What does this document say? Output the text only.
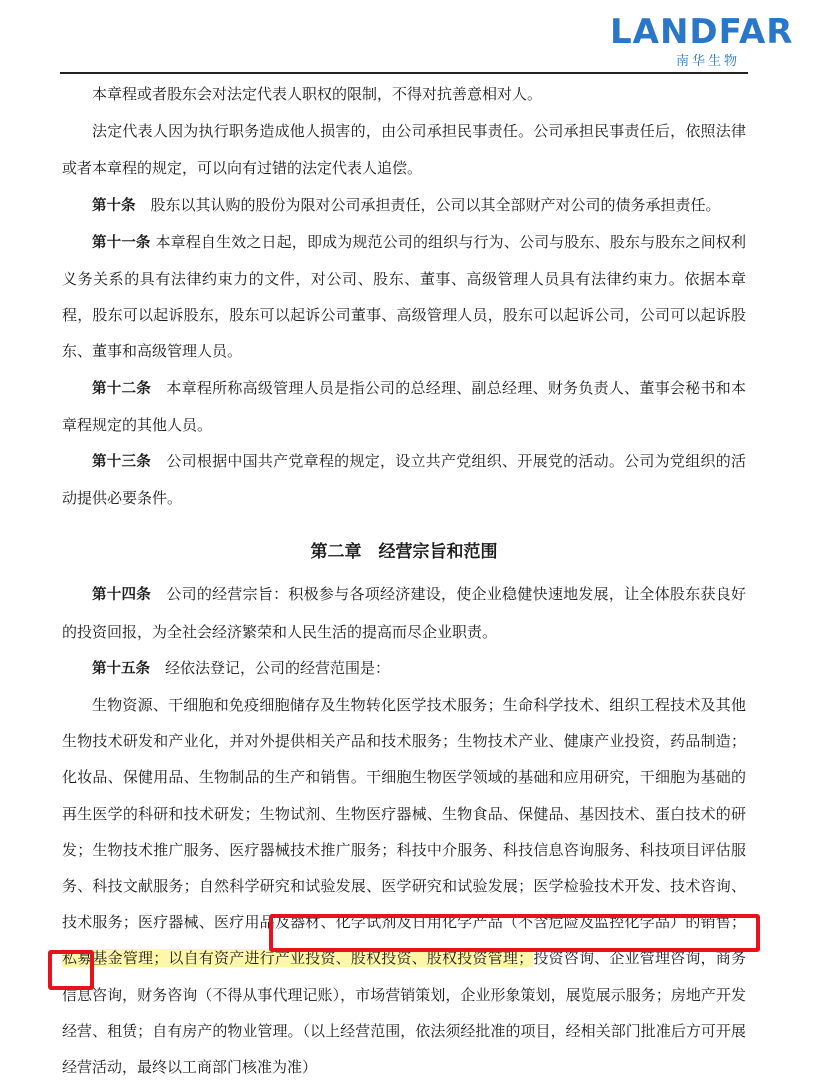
LANDFAR
南华生物

本章程或者股东会对法定代表人职权的限制，不得对抗善意相对人。

法定代表人因为执行职务造成他人损害的，由公司承担民事责任。公司承担民事责任后，依照法律或者本章程的规定，可以向有过错的法定代表人追偿。

第十条　 股东以其认购的股份为限对公司承担责任，公司以其全部财产对公司的债务承担责任。

第十一条 本章程自生效之日起，即成为规范公司的组织与行为、公司与股东、股东与股东之间权利义务关系的具有法律约束力的文件，对公司、股东、董事、高级管理人员具有法律约束力。依据本章程，股东可以起诉股东，股东可以起诉公司董事、高级管理人员，股东可以起诉公司，公司可以起诉股东、董事和高级管理人员。

第十二条　 本章程所称高级管理人员是指公司的总经理、副总经理、财务负责人、董事会秘书和本章程规定的其他人员。

第十三条　 公司根据中国共产党章程的规定，设立共产党组织、开展党的活动。公司为党组织的活动提供必要条件。

第二章　经营宗旨和范围

第十四条　 公司的经营宗旨：积极参与各项经济建设，使企业稳健快速地发展，让全体股东获良好的投资回报，为全社会经济繁荣和人民生活的提高而尽企业职责。

第十五条　 经依法登记，公司的经营范围是：

生物资源、干细胞和免疫细胞储存及生物转化医学技术服务；生命科学技术、组织工程技术及其他生物技术研发和产业化，并对外提供相关产品和技术服务；生物技术产业、健康产业投资，药品制造；化妆品、保健用品、生物制品的生产和销售。干细胞生物医学领域的基础和应用研究，干细胞为基础的再生医学的科研和技术研发；生物试剂、生物医疗器械、生物食品、保健品、基因技术、蛋白技术的研发；生物技术推广服务、医疗器械技术推广服务；科技中介服务、科技信息咨询服务、科技项目评估服务、科技文献服务；自然科学研究和试验发展、医学研究和试验发展；医学检验技术开发、技术咨询、技术服务；医疗器械、医疗用品及器材、化学试剂及日用化学产品（不含危险及监控化学品）的销售；私募基金管理；以自有资产进行产业投资、股权投资、股权投资管理；投资咨询、企业管理咨询，商务信息咨询，财务咨询（不得从事代理记账），市场营销策划，企业形象策划，展览展示服务；房地产开发经营、租赁；自有房产的物业管理。（以上经营范围，依法须经批准的项目，经相关部门批准后方可开展经营活动，最终以工商部门核准为准）
